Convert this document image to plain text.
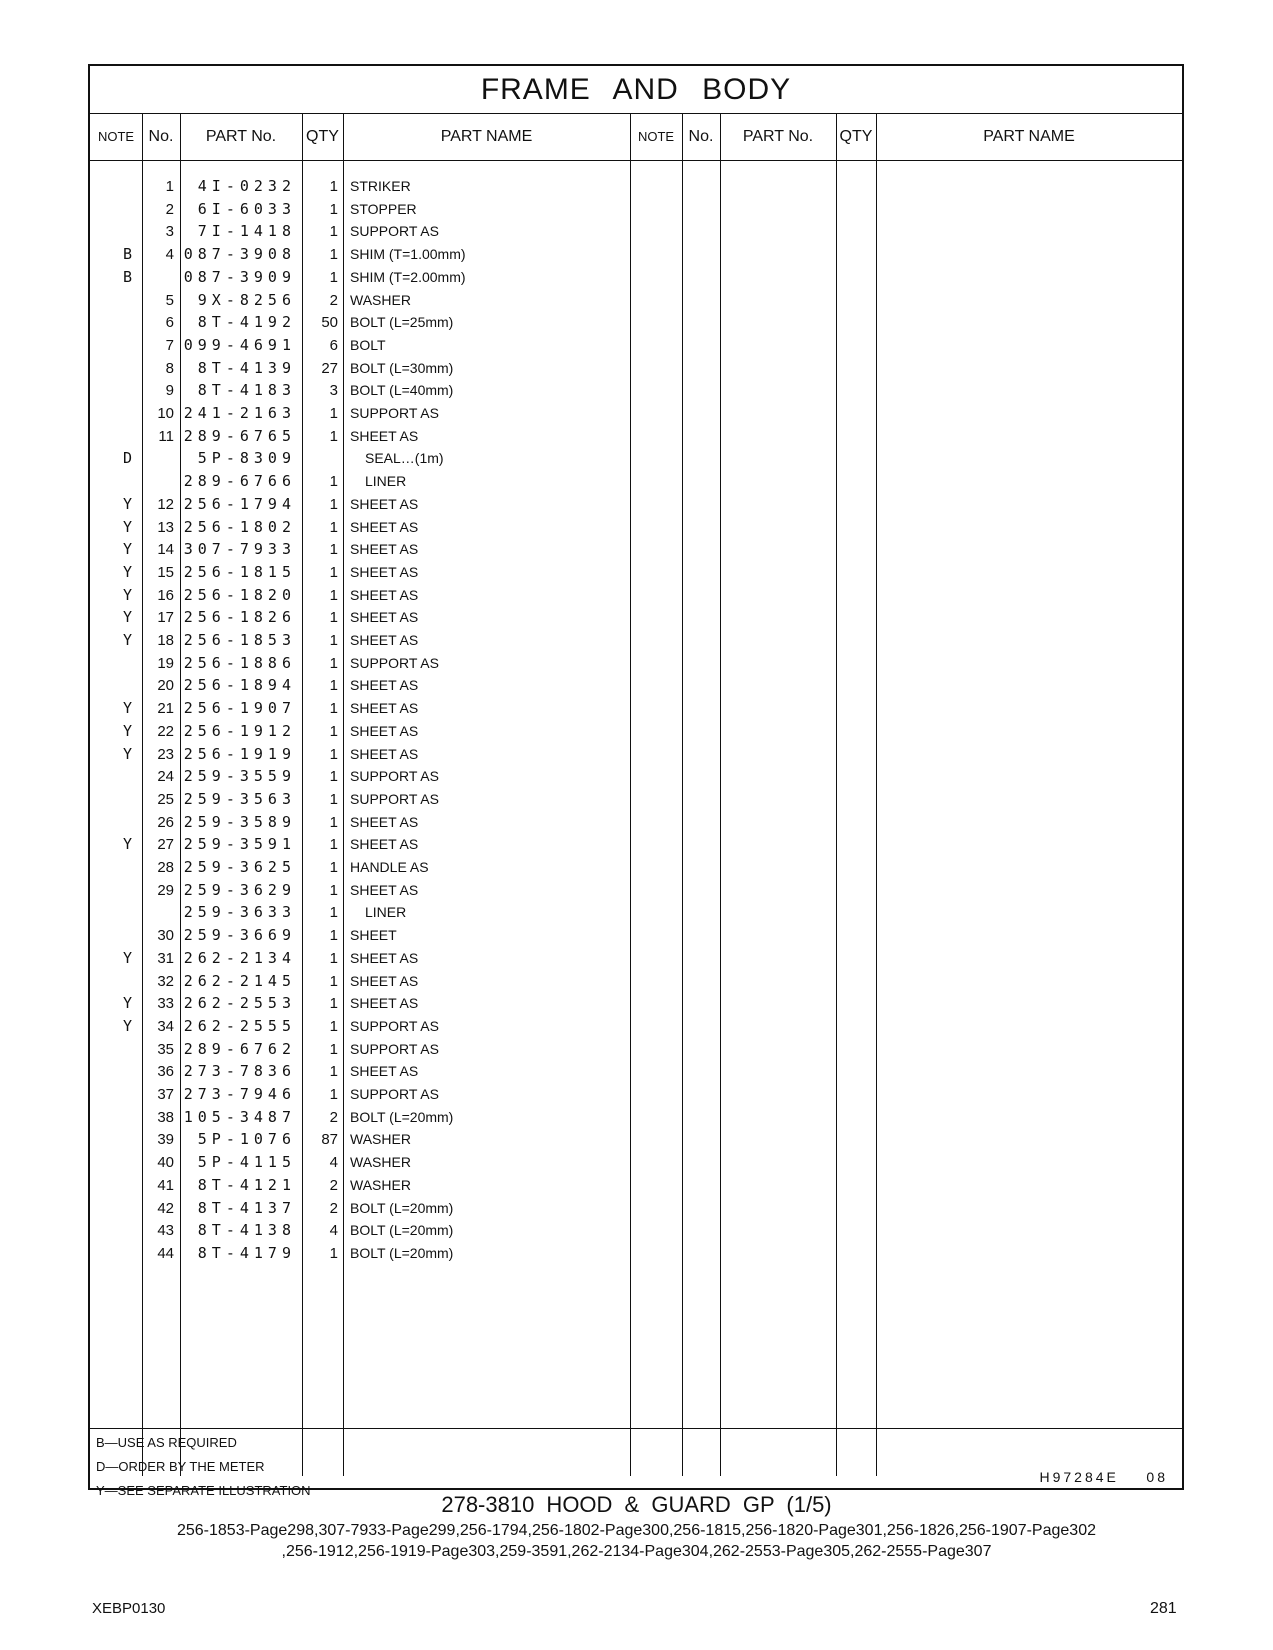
FRAME AND BODY
NOTE No.	PART No.	QTY	PART NAME	NOTE No.	PART No.	QTY	PART NAME
1	4I-0232	1 STRIKER
2	6I-6033	1 STOPPER
3	7I-1418	1 SUPPORT AS
B	4 087-3908	1 SHIM (T=1.00mm)
B	087-3909	1 SHIM (T=2.00mm)
5	9X-8256	2 WASHER
6	8T-4192	50 BOLT (L=25mm)
7 099-4691	6 BOLT
8	8T-4139	27 BOLT (L=30mm)
9	8T-4183	3 BOLT (L=40mm)
10 241-2163	1 SUPPORT AS
11 289-6765	1 SHEET AS
D	5P-8309	SEAL…(1m)
289-6766	1	LINER
Y	12 256-1794	1 SHEET AS
Y	13 256-1802	1 SHEET AS
Y	14 307-7933	1 SHEET AS
Y	15 256-1815	1 SHEET AS
Y	16 256-1820	1 SHEET AS
Y	17 256-1826	1 SHEET AS
Y	18 256-1853	1 SHEET AS
19 256-1886	1 SUPPORT AS
20 256-1894	1 SHEET AS
Y	21 256-1907	1 SHEET AS
Y	22 256-1912	1 SHEET AS
Y	23 256-1919	1 SHEET AS
24 259-3559	1 SUPPORT AS
25 259-3563	1 SUPPORT AS
26 259-3589	1 SHEET AS
Y	27 259-3591	1 SHEET AS
28 259-3625	1 HANDLE AS
29 259-3629	1 SHEET AS
259-3633	1	LINER
30 259-3669	1 SHEET
Y	31 262-2134	1 SHEET AS
32 262-2145	1 SHEET AS
Y	33 262-2553	1 SHEET AS
Y	34 262-2555	1 SUPPORT AS
35 289-6762	1 SUPPORT AS
36 273-7836	1 SHEET AS
37 273-7946	1 SUPPORT AS
38 105-3487	2 BOLT (L=20mm)
39	5P-1076	87 WASHER
40	5P-4115	4 WASHER
41	8T-4121	2 WASHER
42	8T-4137	2 BOLT (L=20mm)
43	8T-4138	4 BOLT (L=20mm)
44	8T-4179	1 BOLT (L=20mm)
B—USE AS REQUIRED
D—ORDER BY THE METER
Y—SEE SEPARATE ILLUSTRATION
H97284E    08
278-3810 HOOD & GUARD GP (1/5)
256-1853-Page298,307-7933-Page299,256-1794,256-1802-Page300,256-1815,256-1820-Page301,256-1826,256-1907-Page302
,256-1912,256-1919-Page303,259-3591,262-2134-Page304,262-2553-Page305,262-2555-Page307
XEBP0130	281
